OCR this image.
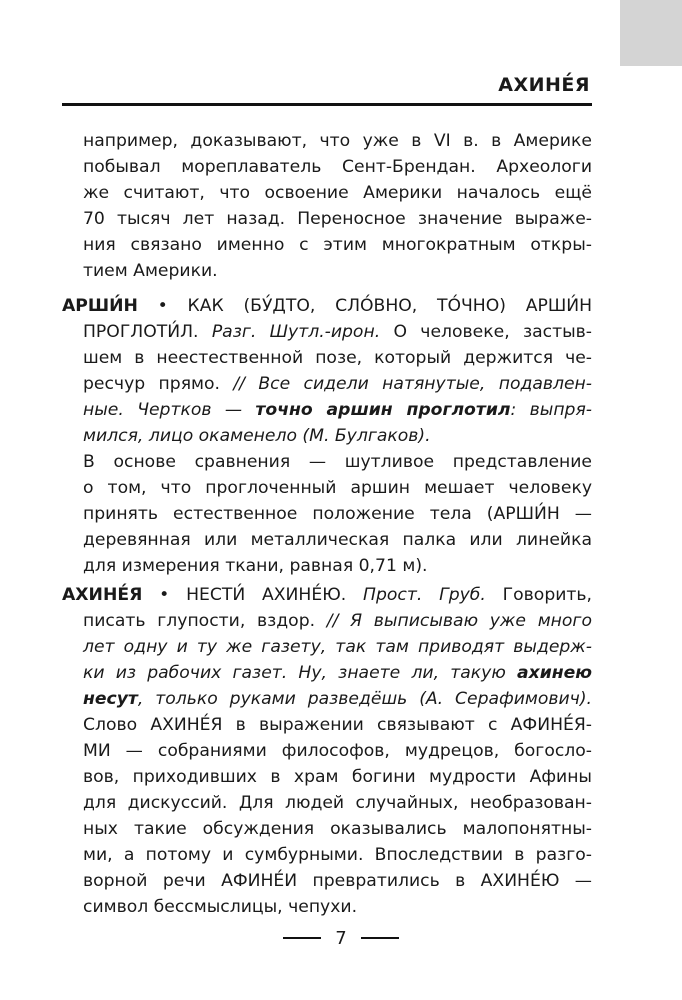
АХИНЕ́Я
например, доказывают, что уже в VI в. в Америке
побывал мореплаватель Сент-Брендан. Археологи
же считают, что освоение Америки началось ещё
70 тысяч лет назад. Переносное значение выраже-
ния связано именно с этим многократным откры-
тием Америки.
АРШИ́Н • КАК (БУ́ДТО, СЛО́ВНО, ТО́ЧНО) АРШИ́Н
ПРОГЛОТИ́Л. Разг. Шутл.-ирон. О человеке, застыв-
шем в неестественной позе, который держится че-
ресчур прямо. // Все сидели натянутые, подавлен-
ные. Чертков — точно аршин проглотил: выпря-
мился, лицо окаменело (М. Булгаков).
В основе сравнения — шутливое представление
о том, что проглоченный аршин мешает человеку
принять естественное положение тела (АРШИ́Н —
деревянная или металлическая палка или линейка
для измерения ткани, равная 0,71 м).
АХИНЕ́Я • НЕСТИ́ АХИНЕ́Ю. Прост. Груб. Говорить,
писать глупости, вздор. // Я выписываю уже много
лет одну и ту же газету, так там приводят выдерж-
ки из рабочих газет. Ну, знаете ли, такую ахинею
несут, только руками разведёшь (А. Серафимович).
Слово АХИНЕ́Я в выражении связывают с АФИНЕ́Я-
МИ — собраниями философов, мудрецов, богосло-
вов, приходивших в храм богини мудрости Афины
для дискуссий. Для людей случайных, необразован-
ных такие обсуждения оказывались малопонятны-
ми, а потому и сумбурными. Впоследствии в разго-
ворной речи АФИНЕ́И превратились в АХИНЕ́Ю —
символ бессмыслицы, чепухи.
7
